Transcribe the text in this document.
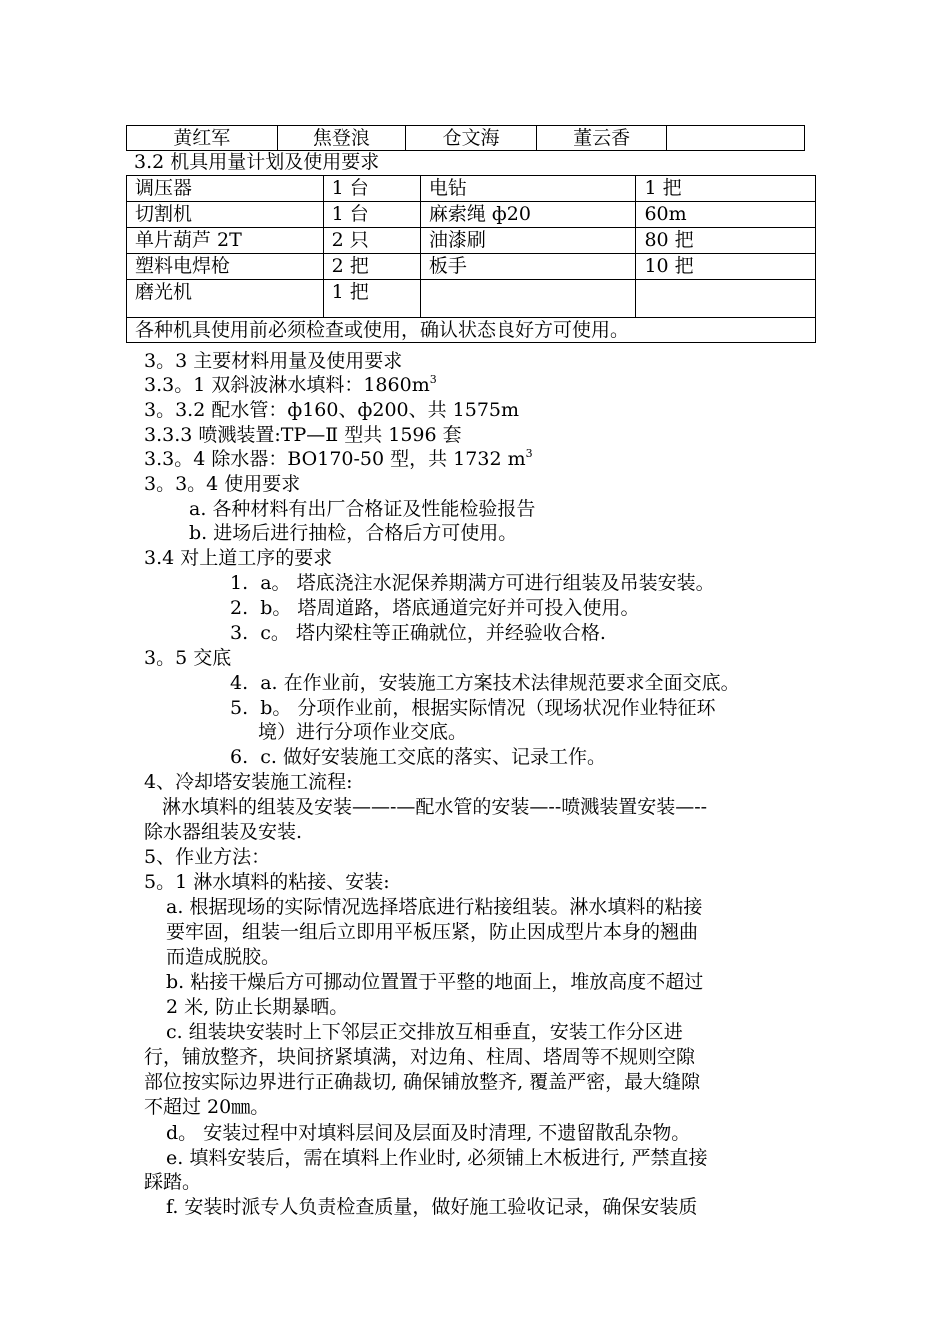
黄红军	焦登浪	仓文海	董云香	
3.2 机具用量计划及使用要求
调压器	1 台	电钻	1 把
切割机	1 台	麻索绳 ф20	60m
单片葫芦 2T	2 只	油漆刷	80 把
塑料电焊枪	2 把	板手	10 把
磨光机	1 把		
各种机具使用前必须检查或使用，确认状态良好方可使用。			
3。3 主要材料用量及使用要求
3.3。1 双斜波淋水填料：$1860m^3$
3。3.2 配水管：ф160、ф200、共 1575m
3.3.3 喷溅装置:TP—Ⅱ 型共 1596 套
3.3。4 除水器：BO170-50 型，共 1732 $m^3$
3。3。4 使用要求
a. 各种材料有出厂合格证及性能检验报告
b. 进场后进行抽检，合格后方可使用。
3.4 对上道工序的要求
1. a。 塔底浇注水泥保养期满方可进行组装及吊装安装。
2. b。 塔周道路，塔底通道完好并可投入使用。
3. c。 塔内梁柱等正确就位，并经验收合格.
3。5 交底
4. a. 在作业前，安装施工方案技术法律规范要求全面交底。
5. b。 分项作业前，根据实际情况（现场状况作业特征环
境）进行分项作业交底。
6. c. 做好安装施工交底的落实、记录工作。
4、冷却塔安装施工流程:
淋水填料的组装及安装——-—配水管的安装—--喷溅装置安装—--
除水器组装及安装.
5、作业方法：
5。1 淋水填料的粘接、安装:
a. 根据现场的实际情况选择塔底进行粘接组装。淋水填料的粘接
要牢固，组装一组后立即用平板压紧，防止因成型片本身的翘曲
而造成脱胶。
b. 粘接干燥后方可挪动位置置于平整的地面上，堆放高度不超过
2 米, 防止长期暴晒。
c. 组装块安装时上下邻层正交排放互相垂直，安装工作分区进
行，铺放整齐，块间挤紧填满，对边角、柱周、塔周等不规则空隙
部位按实际边界进行正确裁切, 确保铺放整齐, 覆盖严密，最大缝隙
不超过 20㎜。
d。 安装过程中对填料层间及层面及时清理, 不遗留散乱杂物。
e. 填料安装后，需在填料上作业时, 必须铺上木板进行, 严禁直接
踩踏。
f. 安装时派专人负责检查质量，做好施工验收记录，确保安装质
